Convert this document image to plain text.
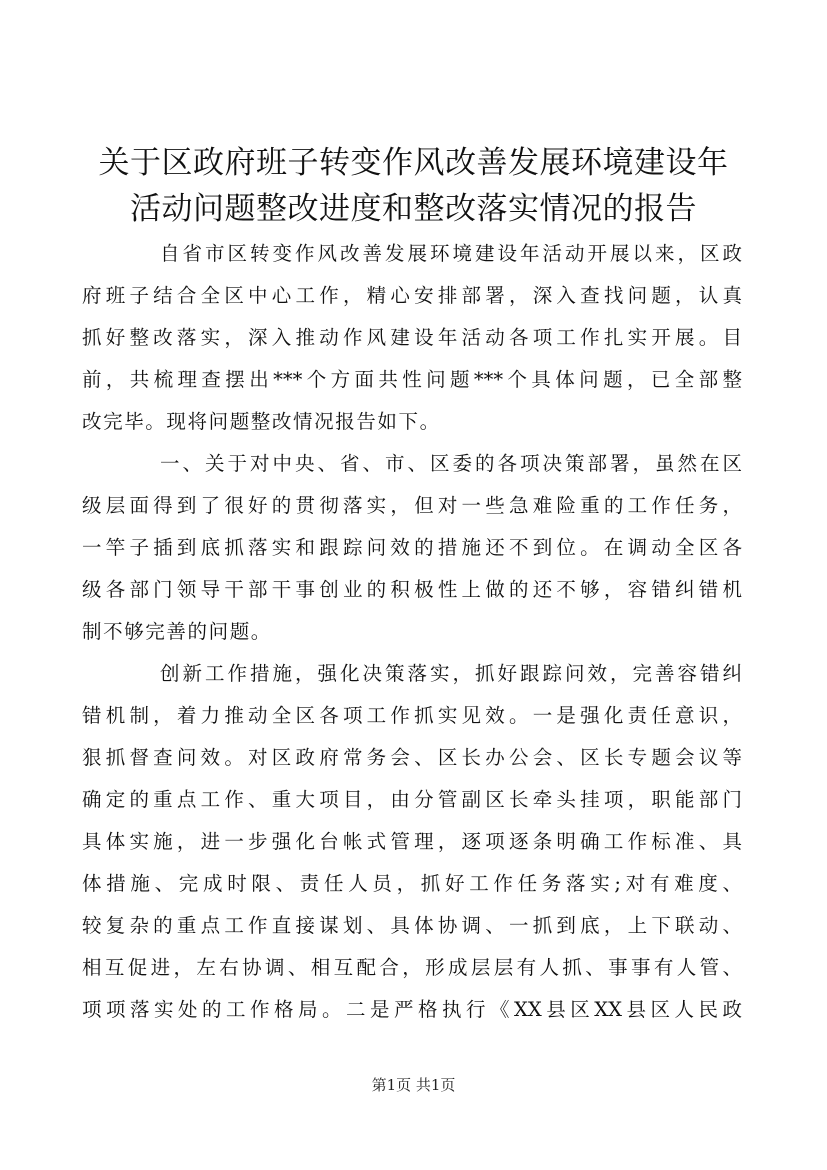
关于区政府班子转变作风改善发展环境建设年
活动问题整改进度和整改落实情况的报告
自省市区转变作风改善发展环境建设年活动开展以来，区政
府班子结合全区中心工作，精心安排部署，深入查找问题，认真
抓好整改落实，深入推动作风建设年活动各项工作扎实开展。目
前，共梳理查摆出***个方面共性问题***个具体问题，已全部整
改完毕。现将问题整改情况报告如下。
一、关于对中央、省、市、区委的各项决策部署，虽然在区
级层面得到了很好的贯彻落实，但对一些急难险重的工作任务，
一竿子插到底抓落实和跟踪问效的措施还不到位。在调动全区各
级各部门领导干部干事创业的积极性上做的还不够，容错纠错机
制不够完善的问题。
创新工作措施，强化决策落实，抓好跟踪问效，完善容错纠
错机制，着力推动全区各项工作抓实见效。一是强化责任意识，
狠抓督查问效。对区政府常务会、区长办公会、区长专题会议等
确定的重点工作、重大项目，由分管副区长牵头挂项，职能部门
具体实施，进一步强化台帐式管理，逐项逐条明确工作标准、具
体措施、完成时限、责任人员，抓好工作任务落实;对有难度、
较复杂的重点工作直接谋划、具体协调、一抓到底，上下联动、
相互促进，左右协调、相互配合，形成层层有人抓、事事有人管、
项项落实处的工作格局。二是严格执行《XX县区XX县区人民政
第1页 共1页
